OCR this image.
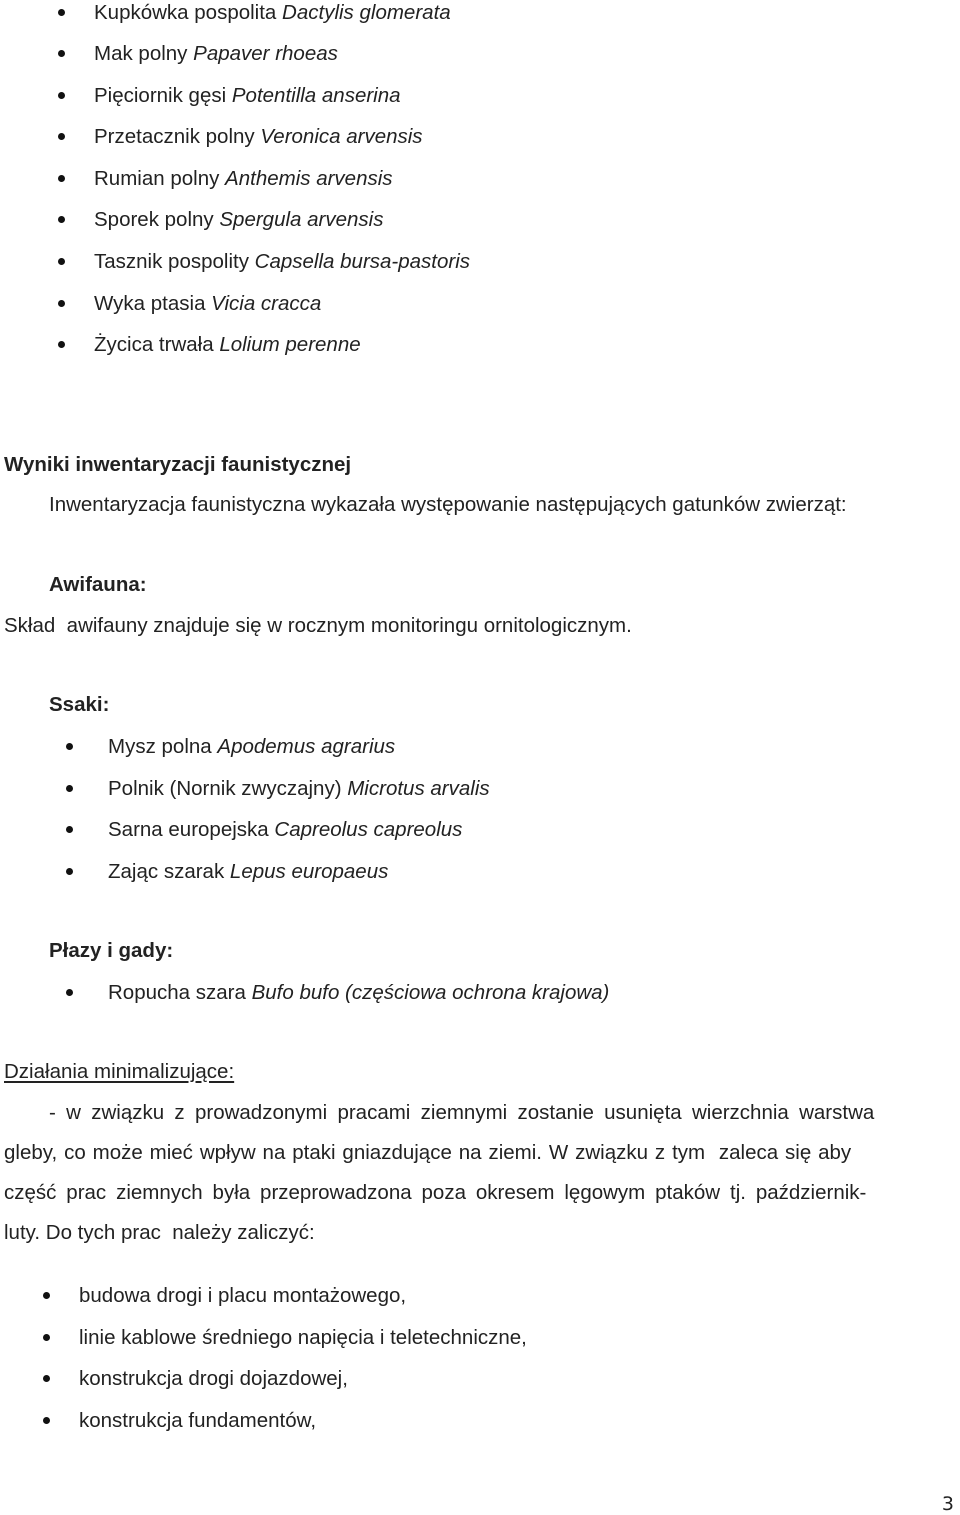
Kupkówka pospolita Dactylis glomerata
Mak polny Papaver rhoeas
Pięciornik gęsi Potentilla anserina
Przetacznik polny Veronica arvensis
Rumian polny Anthemis arvensis
Sporek polny Spergula arvensis
Tasznik pospolity Capsella bursa-pastoris
Wyka ptasia Vicia cracca
Życica trwała Lolium perenne
Wyniki inwentaryzacji faunistycznej
Inwentaryzacja faunistyczna wykazała występowanie następujących gatunków zwierząt:
Awifauna:
Skład  awifauny znajduje się w rocznym monitoringu ornitologicznym.
Ssaki:
Mysz polna Apodemus agrarius
Polnik (Nornik zwyczajny) Microtus arvalis
Sarna europejska Capreolus capreolus
Zając szarak Lepus europaeus
Płazy i gady:
Ropucha szara Bufo bufo (częściowa ochrona krajowa)
Działania minimalizujące:
- w związku z prowadzonymi pracami ziemnymi zostanie usunięta wierzchnia warstwa
gleby, co może mieć wpływ na ptaki gniazdujące na ziemi. W związku z tym  zaleca się aby
część prac ziemnych była przeprowadzona poza okresem lęgowym ptaków tj. październik-
luty. Do tych prac  należy zaliczyć:
budowa drogi i placu montażowego,
linie kablowe średniego napięcia i teletechniczne,
konstrukcja drogi dojazdowej,
konstrukcja fundamentów,
3
